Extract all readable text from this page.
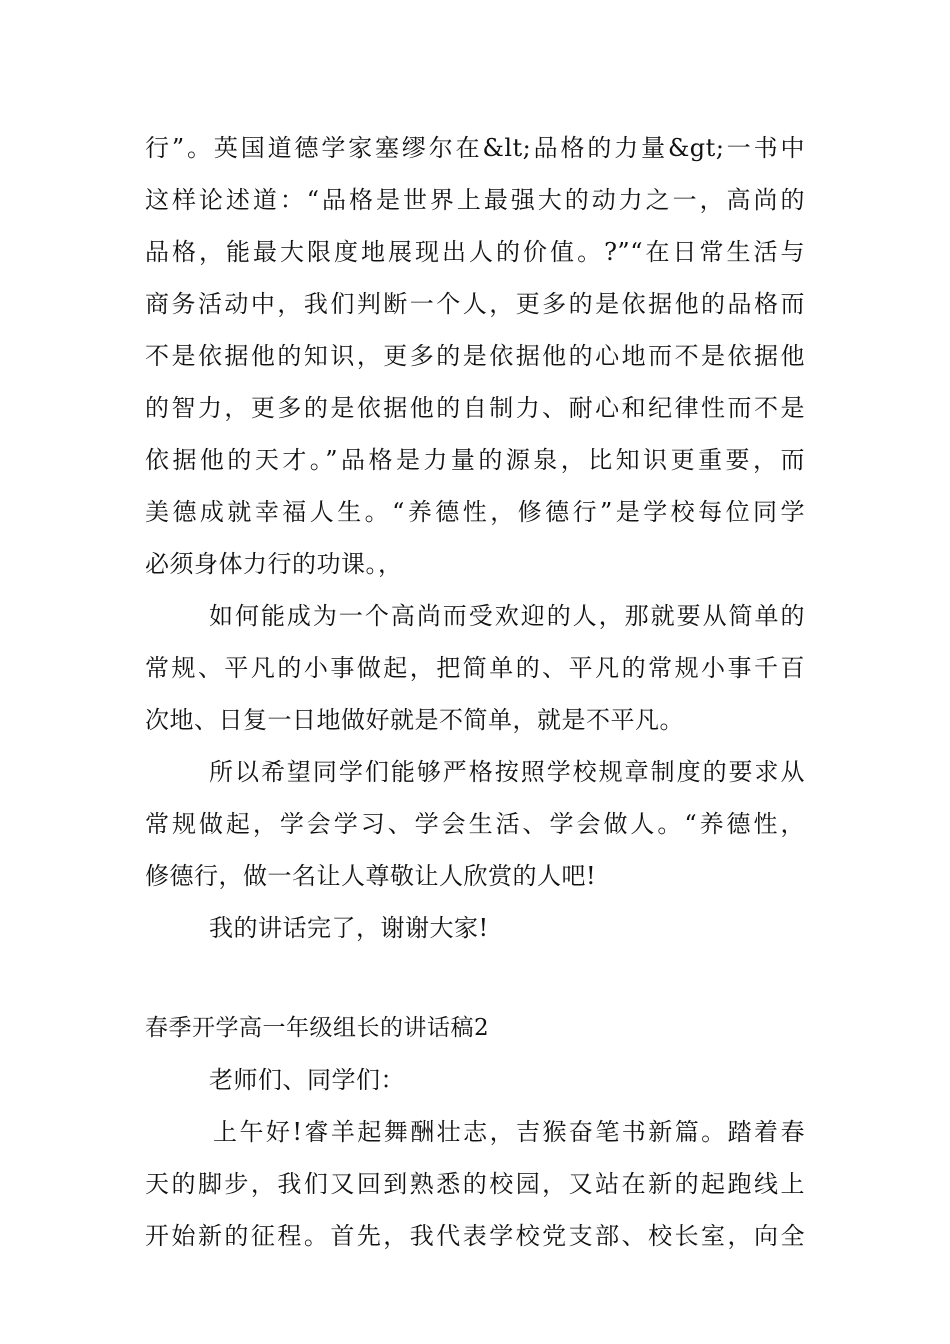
行”。英国道德学家塞缪尔在&lt;品格的力量&gt;一书中
这样论述道：“品格是世界上最强大的动力之一，高尚的
品格，能最大限度地展现出人的价值。?”“在日常生活与
商务活动中，我们判断一个人，更多的是依据他的品格而
不是依据他的知识，更多的是依据他的心地而不是依据他
的智力，更多的是依据他的自制力、耐心和纪律性而不是
依据他的天才。”品格是力量的源泉，比知识更重要，而
美德成就幸福人生。“养德性，修德行”是学校每位同学
必须身体力行的功课。，
如何能成为一个高尚而受欢迎的人，那就要从简单的
常规、平凡的小事做起，把简单的、平凡的常规小事千百
次地、日复一日地做好就是不简单，就是不平凡。
所以希望同学们能够严格按照学校规章制度的要求从
常规做起，学会学习、学会生活、学会做人。“养德性，
修德行，做一名让人尊敬让人欣赏的人吧!
我的讲话完了，谢谢大家!
春季开学高一年级组长的讲话稿2
老师们、同学们：
上午好!睿羊起舞酬壮志，吉猴奋笔书新篇。踏着春
天的脚步，我们又回到熟悉的校园，又站在新的起跑线上
开始新的征程。首先，我代表学校党支部、校长室，向全
